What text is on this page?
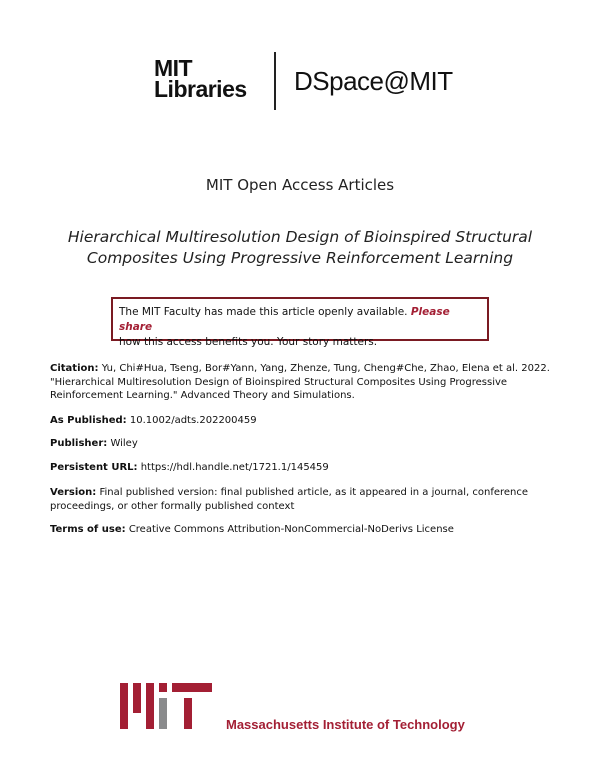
MIT
Libraries DSpace@MIT
MIT Open Access Articles
Hierarchical Multiresolution Design of Bioinspired Structural Composites Using Progressive Reinforcement Learning
The MIT Faculty has made this article openly available. Please share
how this access benefits you. Your story matters.
Citation: Yu, Chi#Hua, Tseng, Bor#Yann, Yang, Zhenze, Tung, Cheng#Che, Zhao, Elena et al. 2022. "Hierarchical Multiresolution Design of Bioinspired Structural Composites Using Progressive Reinforcement Learning." Advanced Theory and Simulations.
As Published: 10.1002/adts.202200459
Publisher: Wiley
Persistent URL: https://hdl.handle.net/1721.1/145459
Version: Final published version: final published article, as it appeared in a journal, conference proceedings, or other formally published context
Terms of use: Creative Commons Attribution-NonCommercial-NoDerivs License
Massachusetts Institute of Technology
